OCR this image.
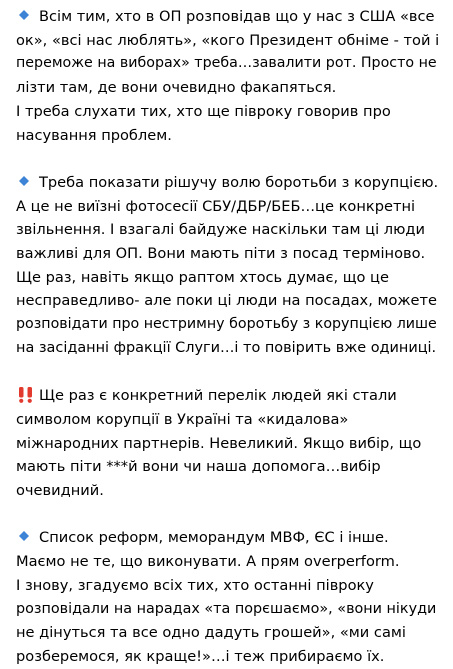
Всім тим, хто в ОП розповідав що у нас з США «все
ок», «всі нас люблять», «кого Президент обніме - той і
переможе на виборах» треба…завалити рот. Просто не
лізти там, де вони очевидно факапяться.
І треба слухати тих, хто ще півроку говорив про
насування проблем.
Треба показати рішучу волю боротьби з корупцією.
А це не виїзні фотосесії СБУ/ДБР/БЕБ…це конкретні
звільнення. І взагалі байдуже наскільки там ці люди
важливі для ОП. Вони мають піти з посад терміново.
Ще раз, навіть якщо раптом хтось думає, що це
несправедливо- але поки ці люди на посадах, можете
розповідати про нестримну боротьбу з корупцією лише
на засіданні фракції Слуги…і то повірить вже одиниці.
Ще раз є конкретний перелік людей які стали
символом корупції в Україні та «кидалова»
міжнародних партнерів. Невеликий. Якщо вибір, що
мають піти ***й вони чи наша допомога…вибір
очевидний.
Список реформ, меморандум МВФ, ЄС і інше.
Маємо не те, що виконувати. А прям overperform.
І знову, згадуємо всіх тих, хто останні півроку
розповідали на нарадах «та порєшаємо», «вони нікуди
не дінуться та все одно дадуть грошей», «ми самі
розберемося, як краще!»…і теж прибираємо їх.
